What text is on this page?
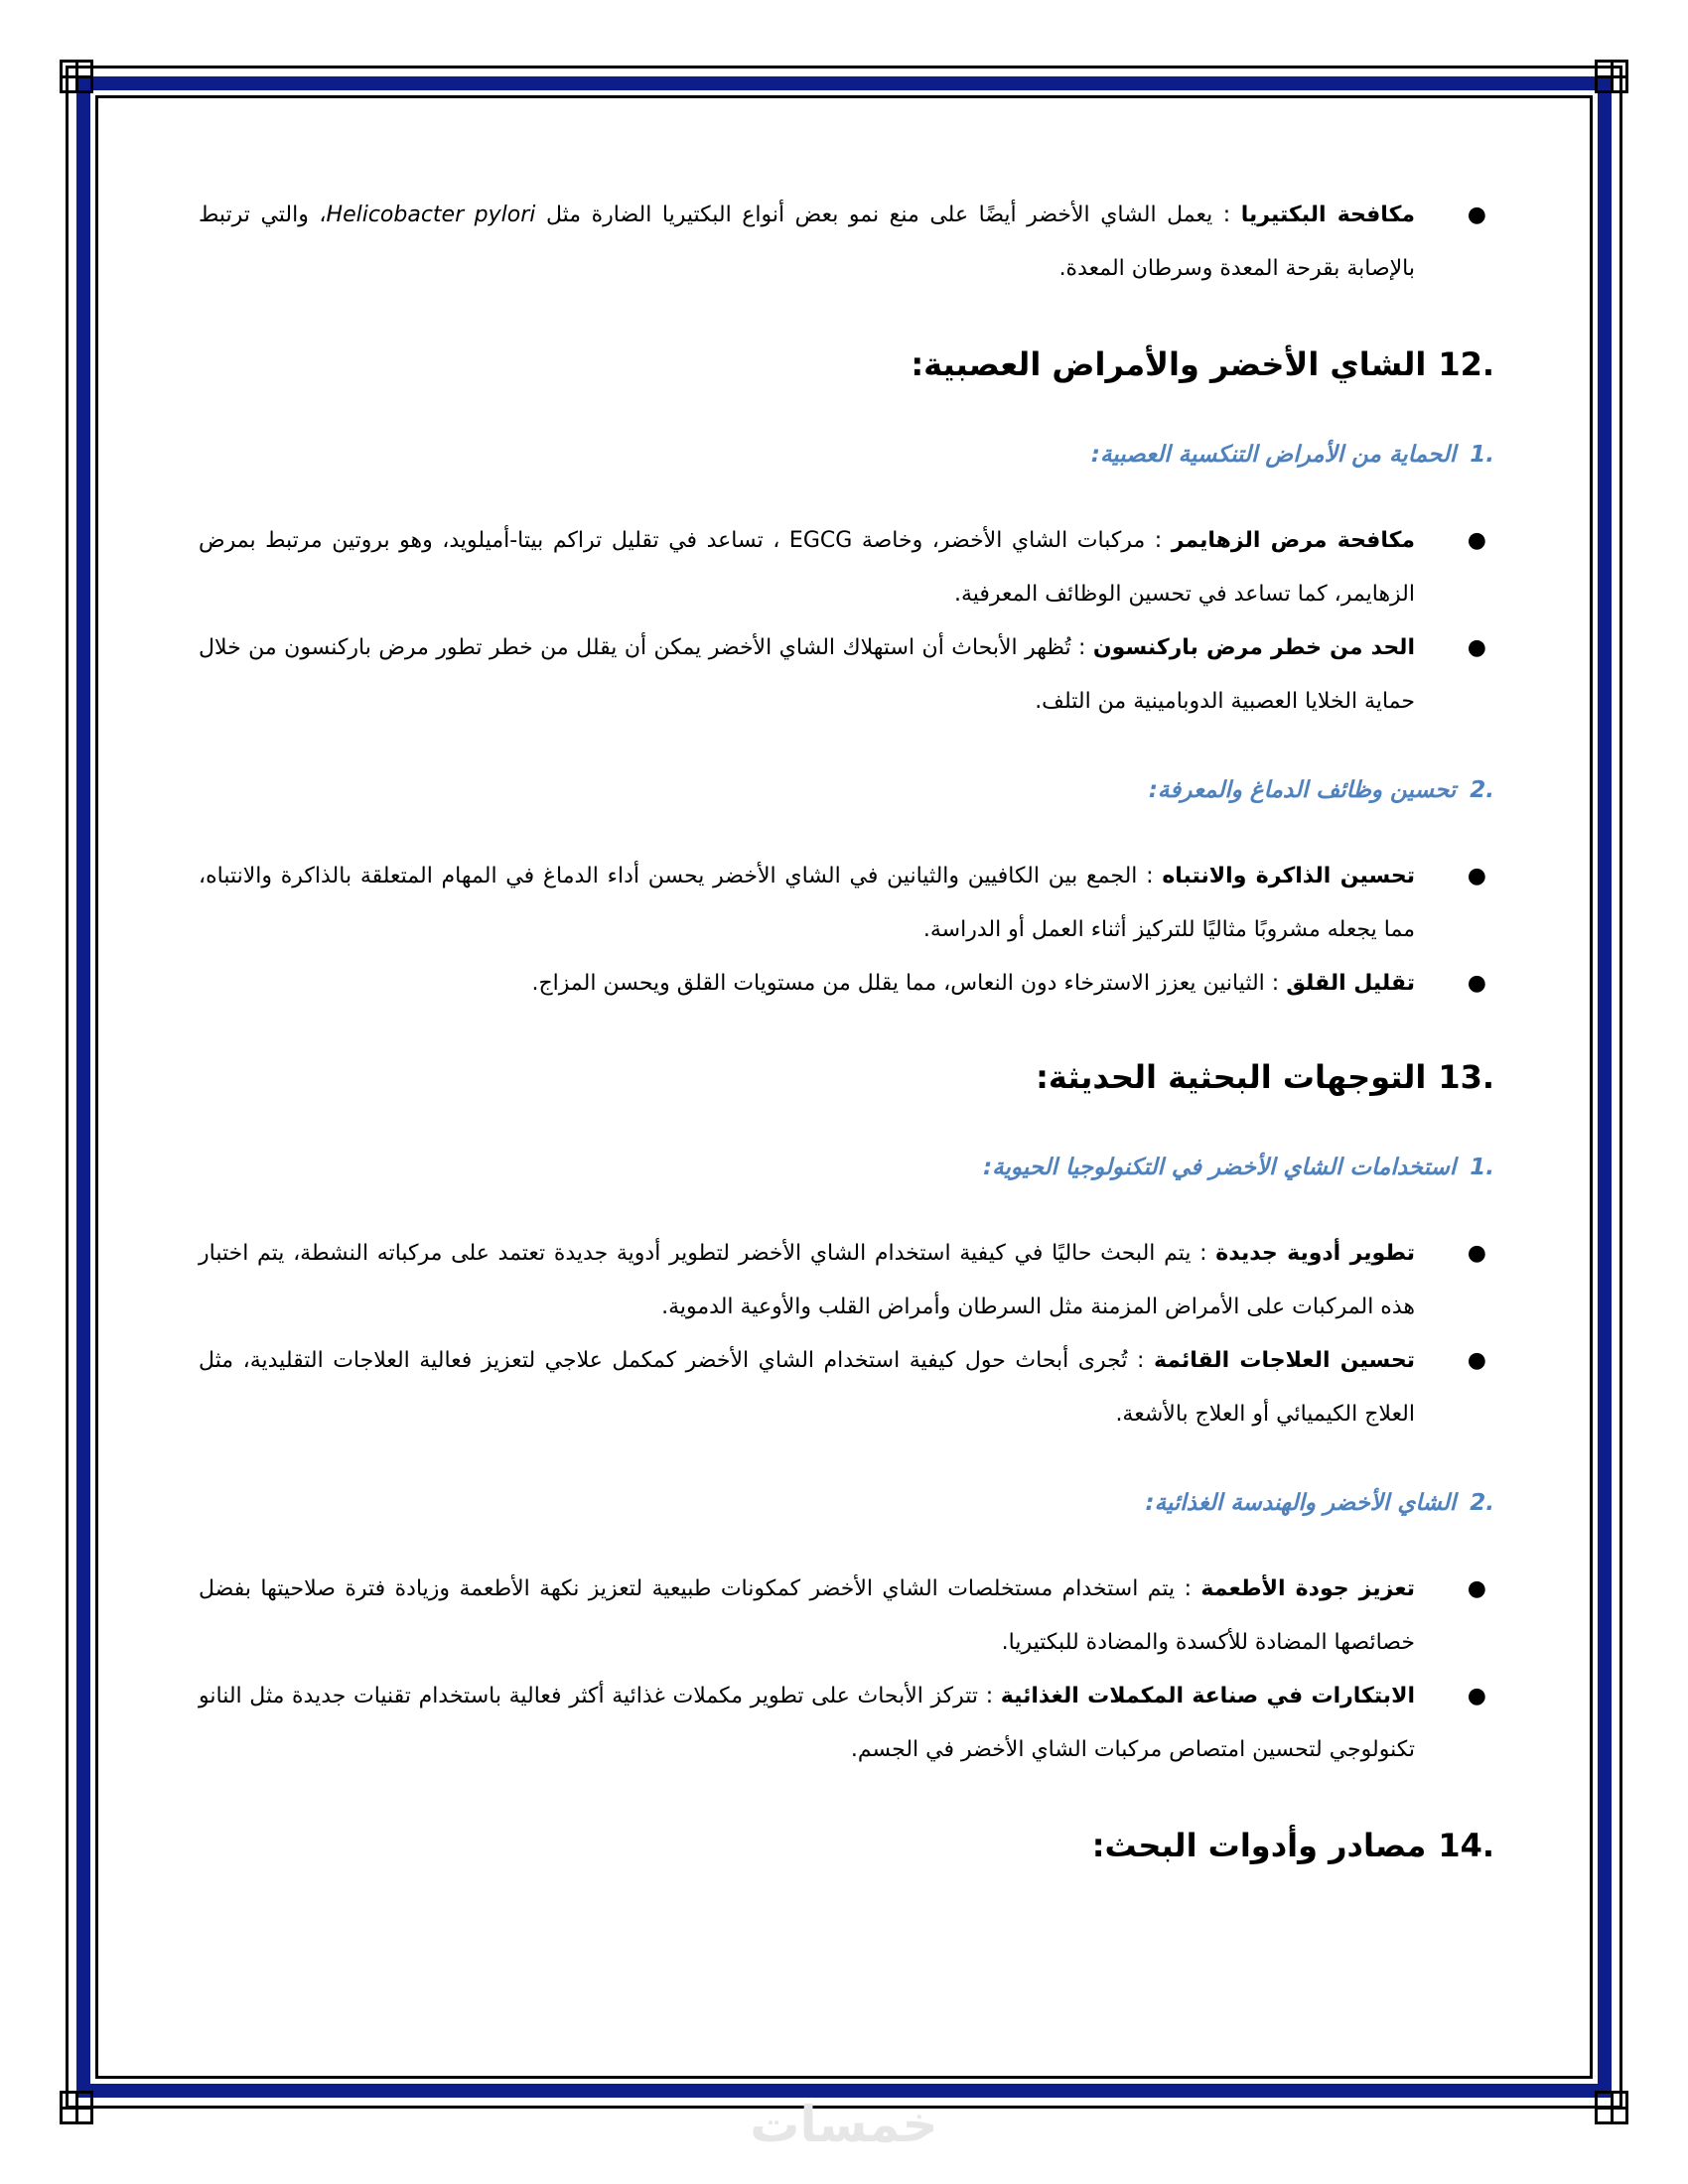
●
مكافحة البكتيريا : يعمل الشاي الأخضر أيضًا على منع نمو بعض أنواع البكتيريا الضارة مثل Helicobacter pylori، والتي ترتبط بالإصابة بقرحة المعدة وسرطان المعدة.
12.
الشاي الأخضر والأمراض العصبية:
1.
الحماية من الأمراض التنكسية العصبية:
●
مكافحة مرض الزهايمر : مركبات الشاي الأخضر، وخاصة EGCG ، تساعد في تقليل تراكم بيتا-أميلويد، وهو بروتين مرتبط بمرض الزهايمر، كما تساعد في تحسين الوظائف المعرفية.
●
الحد من خطر مرض باركنسون : تُظهر الأبحاث أن استهلاك الشاي الأخضر يمكن أن يقلل من خطر تطور مرض باركنسون من خلال حماية الخلايا العصبية الدوبامينية من التلف.
2.
تحسين وظائف الدماغ والمعرفة:
●
تحسين الذاكرة والانتباه : الجمع بين الكافيين والثيانين في الشاي الأخضر يحسن أداء الدماغ في المهام المتعلقة بالذاكرة والانتباه، مما يجعله مشروبًا مثاليًا للتركيز أثناء العمل أو الدراسة.
●
تقليل القلق : الثيانين يعزز الاسترخاء دون النعاس، مما يقلل من مستويات القلق ويحسن المزاج.
13.
التوجهات البحثية الحديثة:
1.
استخدامات الشاي الأخضر في التكنولوجيا الحيوية:
●
تطوير أدوية جديدة : يتم البحث حاليًا في كيفية استخدام الشاي الأخضر لتطوير أدوية جديدة تعتمد على مركباته النشطة، يتم اختبار هذه المركبات على الأمراض المزمنة مثل السرطان وأمراض القلب والأوعية الدموية.
●
تحسين العلاجات القائمة : تُجرى أبحاث حول كيفية استخدام الشاي الأخضر كمكمل علاجي لتعزيز فعالية العلاجات التقليدية، مثل العلاج الكيميائي أو العلاج بالأشعة.
2.
الشاي الأخضر والهندسة الغذائية:
●
تعزيز جودة الأطعمة : يتم استخدام مستخلصات الشاي الأخضر كمكونات طبيعية لتعزيز نكهة الأطعمة وزيادة فترة صلاحيتها بفضل خصائصها المضادة للأكسدة والمضادة للبكتيريا.
●
الابتكارات في صناعة المكملات الغذائية : تتركز الأبحاث على تطوير مكملات غذائية أكثر فعالية باستخدام تقنيات جديدة مثل النانو تكنولوجي لتحسين امتصاص مركبات الشاي الأخضر في الجسم.
14.
مصادر وأدوات البحث:
خمسات
